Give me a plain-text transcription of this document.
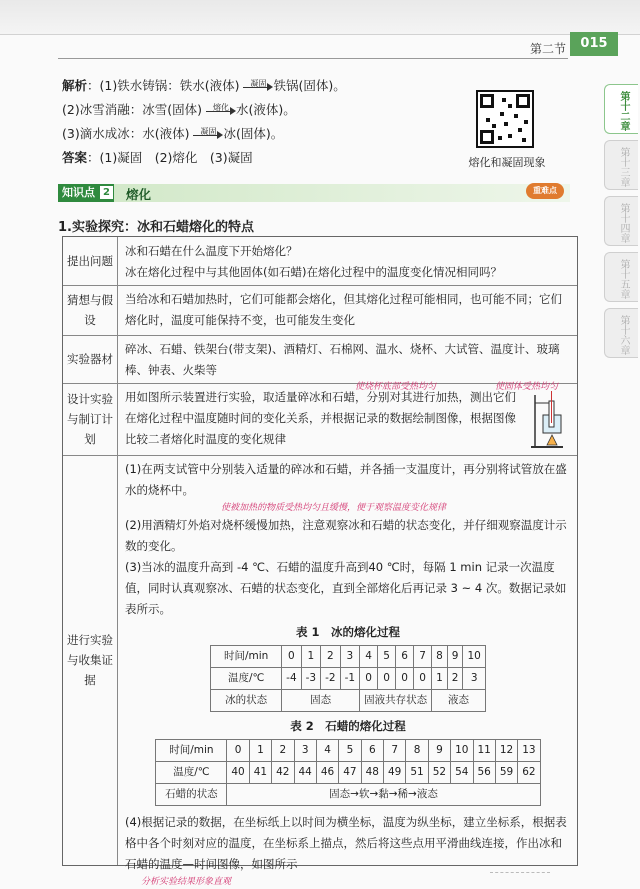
第二节	015
第十二章
第十三章
第十四章
第十五章
第十六章
解析：(1)铁水铸锅：铁水(液体)	凝固 铁锅(固体)。
(2)冰雪消融：冰雪(固体)	熔化 水(液体)。
(3)滴水成冰：水(液体)	凝固 冰(固体)。
答案：(1)凝固　(2)熔化　(3)凝固	熔化和凝固现象
知识点 2 熔化	重难点
1.实验探究：冰和石蜡熔化的特点
提出问题
冰和石蜡在什么温度下开始熔化？
冰在熔化过程中与其他固体(如石蜡)在熔化过程中的温度变化情况相同吗？
猜想与假设
当给冰和石蜡加热时，它们可能都会熔化，但其熔化过程可能相同，也可能不同；它们熔化时，温度可能保持不变，也可能发生变化
实验器材
碎冰、石蜡、铁架台(带支架)、酒精灯、石棉网、温水、烧杯、大试管、温度计、玻璃棒、钟表、火柴等
使烧杯底部受热均匀	使固体受热均匀
设计实验与制订计划
用如图所示装置进行实验，取适量碎冰和石蜡，分别对其进行加热，测出它们在熔化过程中温度随时间的变化关系，并根据记录的数据绘制图像，根据图像比较二者熔化时温度的变化规律
进行实验与收集证据
(1)在两支试管中分别装入适量的碎冰和石蜡，并各插一支温度计，再分别将试管放在盛水的烧杯中。
使被加热的物质受热均匀且缓慢，便于观察温度变化规律
(2)用酒精灯外焰对烧杯缓慢加热，注意观察冰和石蜡的状态变化，并仔细观察温度计示数的变化。
(3)当冰的温度升高到 -4 ℃、石蜡的温度升高到40 ℃时，每隔 1 min 记录一次温度值，同时认真观察冰、石蜡的状态变化，直到全部熔化后再记录 3 ~ 4 次。数据记录如表所示。
表 1　冰的熔化过程
时间/min	0	1	2	3	4	5	6	7	8	9	10
温度/℃	-4	-3	-2	-1	0	0	0	0	1	2	3
冰的状态	固态				固液共存状态				液态		
表 2　石蜡的熔化过程
时间/min	0	1	2	3	4	5	6	7	8	9	10	11	12	13
温度/℃	40	41	42	44	46	47	48	49	51	52	54	56	59	62
石蜡的状态	固态→软→黏→稀→液态													
(4)根据记录的数据，在坐标纸上以时间为横坐标，温度为纵坐标，建立坐标系，根据表格中各个时刻对应的温度，在坐标系上描点，然后将这些点用平滑曲线连接，作出冰和石蜡的温度—时间图像，如图所示
分析实验结果形象直观
